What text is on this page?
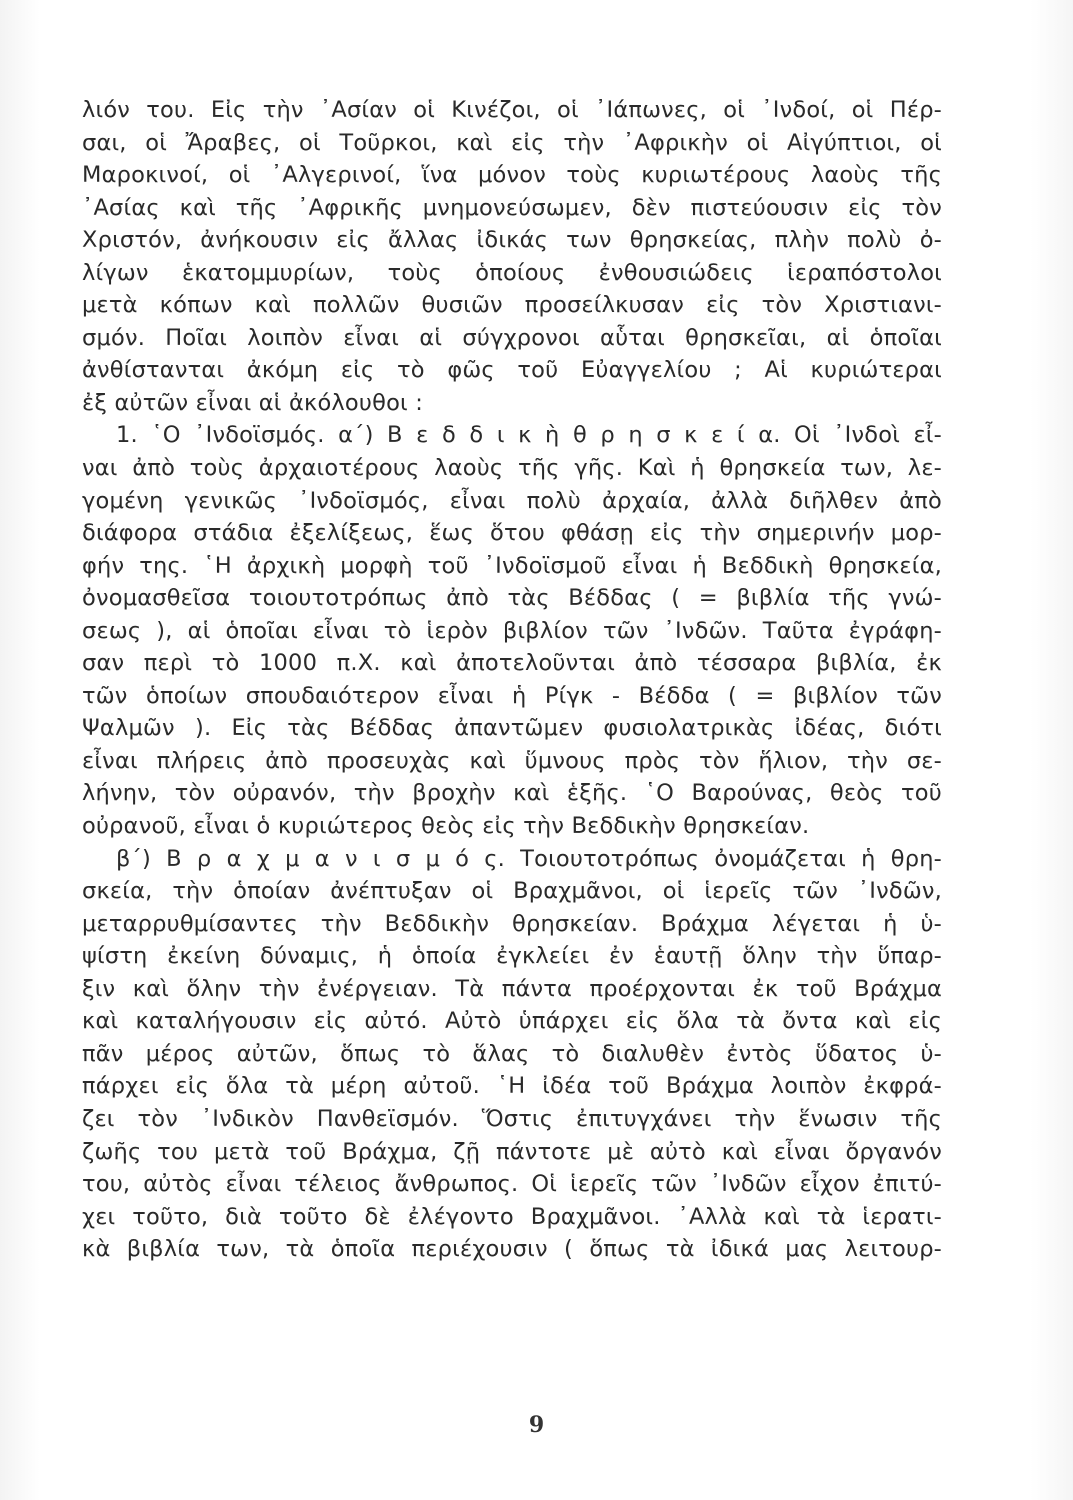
λιόν του. Εἰς τὴν ᾿Ασίαν οἱ Κινέζοι, οἱ ᾿Ιάπωνες, οἱ ᾿Ινδοί, οἱ Πέρ-
σαι, οἱ Ἄραβες, οἱ Τοῦρκοι, καὶ εἰς τὴν ᾿Αφρικὴν οἱ Αἰγύπτιοι, οἱ
Μαροκινοί, οἱ ᾿Αλγερινοί, ἵνα μόνον τοὺς κυριωτέρους λαοὺς τῆς
᾿Ασίας καὶ τῆς ᾿Αφρικῆς μνημονεύσωμεν, δὲν πιστεύουσιν εἰς τὸν
Χριστόν, ἀνήκουσιν εἰς ἄλλας ἰδικάς των θρησκείας, πλὴν πολὺ ὀ-
λίγων ἑκατομμυρίων, τοὺς ὁποίους ἐνθουσιώδεις ἱεραπόστολοι
μετὰ κόπων καὶ πολλῶν θυσιῶν προσείλκυσαν εἰς τὸν Χριστιανι-
σμόν. Ποῖαι λοιπὸν εἶναι αἱ σύγχρονοι αὗται θρησκεῖαι, αἱ ὁποῖαι
ἀνθίστανται ἀκόμη εἰς τὸ φῶς τοῦ Εὐαγγελίου ; Αἱ κυριώτεραι
ἐξ αὐτῶν εἶναι αἱ ἀκόλουθοι :
1. ῾Ο ᾿Ινδοϊσμός. α΄) Β ε δ δ ι κ ὴ θ ρ η σ κ ε ί α. Οἱ ᾿Ινδοὶ εἶ-
ναι ἀπὸ τοὺς ἀρχαιοτέρους λαοὺς τῆς γῆς. Καὶ ἡ θρησκεία των, λε-
γομένη γενικῶς ᾿Ινδοϊσμός, εἶναι πολὺ ἀρχαία, ἀλλὰ διῆλθεν ἀπὸ
διάφορα στάδια ἐξελίξεως, ἕως ὅτου φθάσῃ εἰς τὴν σημερινήν μορ-
φήν της. ῾Η ἀρχικὴ μορφὴ τοῦ ᾿Ινδοϊσμοῦ εἶναι ἡ Βεδδικὴ θρησκεία,
ὀνομασθεῖσα τοιουτοτρόπως ἀπὸ τὰς Βέδδας ( = βιβλία τῆς γνώ-
σεως ), αἱ ὁποῖαι εἶναι τὸ ἱερὸν βιβλίον τῶν ᾿Ινδῶν. Ταῦτα ἐγράφη-
σαν περὶ τὸ 1000 π.Χ. καὶ ἀποτελοῦνται ἀπὸ τέσσαρα βιβλία, ἐκ
τῶν ὁποίων σπουδαιότερον εἶναι ἡ Ρίγκ - Βέδδα ( = βιβλίον τῶν
Ψαλμῶν ). Εἰς τὰς Βέδδας ἀπαντῶμεν φυσιολατρικὰς ἰδέας, διότι
εἶναι πλήρεις ἀπὸ προσευχὰς καὶ ὕμνους πρὸς τὸν ἥλιον, τὴν σε-
λήνην, τὸν οὐρανόν, τὴν βροχὴν καὶ ἑξῆς. ῾Ο Βαρούνας, θεὸς τοῦ
οὐρανοῦ, εἶναι ὁ κυριώτερος θεὸς εἰς τὴν Βεδδικὴν θρησκείαν.
β΄) Β ρ α χ μ α ν ι σ μ ό ς. Τοιουτοτρόπως ὀνομάζεται ἡ θρη-
σκεία, τὴν ὁποίαν ἀνέπτυξαν οἱ Βραχμᾶνοι, οἱ ἱερεῖς τῶν ᾿Ινδῶν,
μεταρρυθμίσαντες τὴν Βεδδικὴν θρησκείαν. Βράχμα λέγεται ἡ ὑ-
ψίστη ἐκείνη δύναμις, ἡ ὁποία ἐγκλείει ἐν ἑαυτῇ ὅλην τὴν ὕπαρ-
ξιν καὶ ὅλην τὴν ἐνέργειαν. Τὰ πάντα προέρχονται ἐκ τοῦ Βράχμα
καὶ καταλήγουσιν εἰς αὐτό. Αὐτὸ ὑπάρχει εἰς ὅλα τὰ ὄντα καὶ εἰς
πᾶν μέρος αὐτῶν, ὅπως τὸ ἅλας τὸ διαλυθὲν ἐντὸς ὕδατος ὑ-
πάρχει εἰς ὅλα τὰ μέρη αὐτοῦ. ῾Η ἰδέα τοῦ Βράχμα λοιπὸν ἐκφρά-
ζει τὸν ᾿Ινδικὸν Πανθεϊσμόν. Ὅστις ἐπιτυγχάνει τὴν ἕνωσιν τῆς
ζωῆς του μετὰ τοῦ Βράχμα, ζῇ πάντοτε μὲ αὐτὸ καὶ εἶναι ὄργανόν
του, αὐτὸς εἶναι τέλειος ἄνθρωπος. Οἱ ἱερεῖς τῶν ᾿Ινδῶν εἶχον ἐπιτύ-
χει τοῦτο, διὰ τοῦτο δὲ ἐλέγοντο Βραχμᾶνοι. ᾿Αλλὰ καὶ τὰ ἱερατι-
κὰ βιβλία των, τὰ ὁποῖα περιέχουσιν ( ὅπως τὰ ἰδικά μας λειτουρ-
9
